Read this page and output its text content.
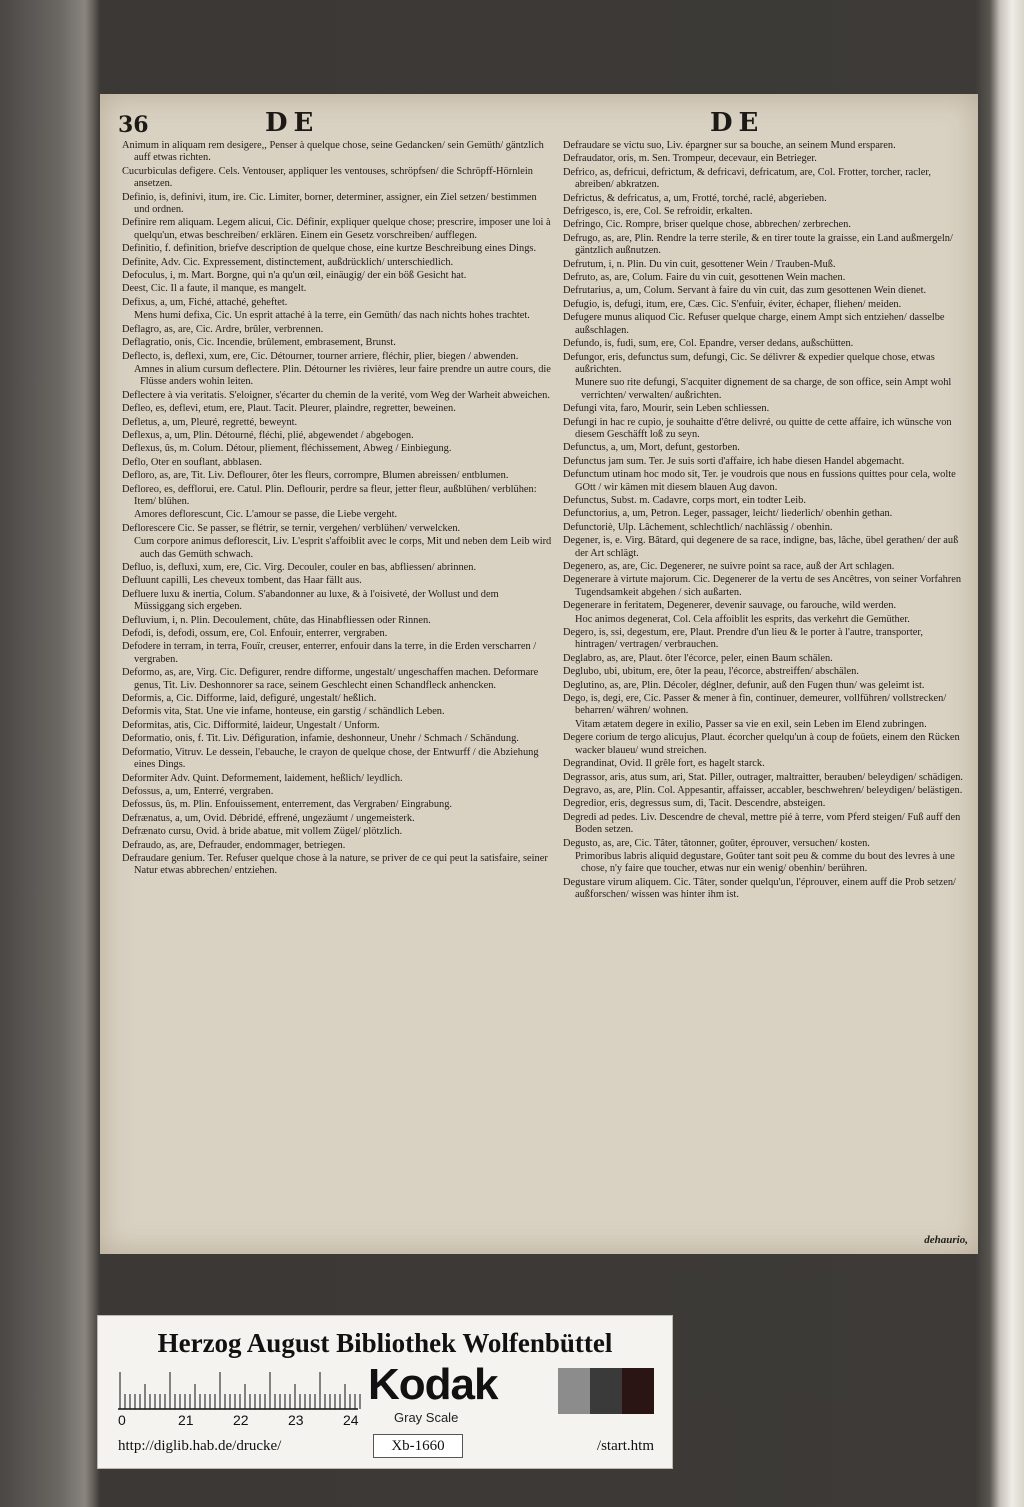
36	DE	DE
Animum in aliquam rem desigere,, Penser à quelque chose, seine Gedancken/ sein Gemüth/ gäntzlich auff etwas richten.
Cucurbiculas defigere. Cels. Ventouser, appliquer les ventouses, schröpfsen/ die Schröpff-Hörnlein ansetzen.
Definio, is, definivi, itum, ire. Cic. Limiter, borner, determiner, assigner, ein Ziel setzen/ bestimmen und ordnen.
Definire rem aliquam. Legem alicui, Cic. Définir, expliquer quelque chose; prescrire, imposer une loi à quelqu'un, etwas beschreiben/ erklären. Einem ein Gesetz vorschreiben/ aufflegen.
Definitio, f. definition, briefve description de quelque chose, eine kurtze Beschreibung eines Dings.
Definite, Adv. Cic. Expressement, distinctement, außdrücklich/ unterschiedlich.
Defoculus, i, m. Mart. Borgne, qui n'a qu'un œil, einäugig/ der ein böß Gesicht hat.
Deest, Cic. Il a faute, il manque, es mangelt.
Defixus, a, um, Fiché, attaché, geheftet.
Mens humi defixa, Cic. Un esprit attaché à la terre, ein Gemüth/ das nach nichts hohes trachtet.
Deflagro, as, are, Cic. Ardre, brûler, verbrennen.
Deflagratio, onis, Cic. Incendie, brûlement, embrasement, Brunst.
Deflecto, is, deflexi, xum, ere, Cic. Détourner, tourner arriere, fléchir, plier, biegen / abwenden.
Amnes in alium cursum deflectere. Plin. Détourner les rivières, leur faire prendre un autre cours, die Flüsse anders wohin leiten.
Deflectere à via veritatis. S'eloigner, s'écarter du chemin de la verité, vom Weg der Warheit abweichen.
Defleo, es, deflevi, etum, ere, Plaut. Tacit. Pleurer, plaindre, regretter, beweinen.
Defletus, a, um, Pleuré, regretté, beweynt.
Deflexus, a, um, Plin. Détourné, fléchi, plié, abgewendet / abgebogen.
Deflexus, ûs, m. Colum. Détour, pliement, fléchissement, Abweg / Einbiegung.
Deflo, Oter en souflant, abblasen.
Defloro, as, are, Tit. Liv. Deflourer, ôter les fleurs, corrompre, Blumen abreissen/ entblumen.
Defloreo, es, defflorui, ere. Catul. Plin. Deflourir, perdre sa fleur, jetter fleur, außblühen/ verblühen: Item/ blühen.
Amores deflorescunt, Cic. L'amour se passe, die Liebe vergeht.
Deflorescere Cic. Se passer, se flétrir, se ternir, vergehen/ verblühen/ verwelcken.
Cum corpore animus deflorescit, Liv. L'esprit s'affoiblit avec le corps, Mit und neben dem Leib wird auch das Gemüth schwach.
Defluo, is, defluxi, xum, ere, Cic. Virg. Decouler, couler en bas, abfliessen/ abrinnen.
Defluunt capilli, Les cheveux tombent, das Haar fällt aus.
Defluere luxu & inertia, Colum. S'abandonner au luxe, & à l'oisiveté, der Wollust und dem Müssiggang sich ergeben.
Defluvium, i, n. Plin. Decoulement, chûte, das Hinabfliessen oder Rinnen.
Defodi, is, defodi, ossum, ere, Col. Enfouir, enterrer, vergraben.
Defodere in terram, in terra, Fouïr, creuser, enterrer, enfouir dans la terre, in die Erden verscharren / vergraben.
Deformo, as, are, Virg. Cic. Defigurer, rendre difforme, ungestalt/ ungeschaffen machen. Deformare genus, Tit. Liv. Deshonnorer sa race, seinem Geschlecht einen Schandfleck anhencken.
Deformis, a, Cic. Difforme, laid, defiguré, ungestalt/ heßlich.
Deformis vita, Stat. Une vie infame, honteuse, ein garstig / schändlich Leben.
Deformitas, atis, Cic. Difformité, laideur, Ungestalt / Unform.
Deformatio, onis, f. Tit. Liv. Défiguration, infamie, deshonneur, Unehr / Schmach / Schändung.
Deformatio, Vitruv. Le dessein, l'ebauche, le crayon de quelque chose, der Entwurff / die Abziehung eines Dings.
Deformiter Adv. Quint. Deformement, laidement, heßlich/ leydlich.
Defossus, a, um, Enterré, vergraben.
Defossus, ûs, m. Plin. Enfouissement, enterrement, das Vergraben/ Eingrabung.
Defrænatus, a, um, Ovid. Débridé, effrené, ungezäumt / ungemeisterk.
Defrænato cursu, Ovid. à bride abatue, mit vollem Zügel/ plötzlich.
Defraudo, as, are, Defrauder, endommager, betriegen.
Defraudare genium. Ter. Refuser quelque chose à la nature, se priver de ce qui peut la satisfaire, seiner Natur etwas abbrechen/ entziehen.
Defraudare se victu suo, Liv. épargner sur sa bouche, an seinem Mund ersparen.
Defraudator, oris, m. Sen. Trompeur, decevaur, ein Betrieger.
Defrico, as, defricui, defrictum, & defricavi, defricatum, are, Col. Frotter, torcher, racler, abreiben/ abkratzen.
Defrictus, & defricatus, a, um, Frotté, torché, raclé, abgerieben.
Defrigesco, is, ere, Col. Se refroidir, erkalten.
Defringo, Cic. Rompre, briser quelque chose, abbrechen/ zerbrechen.
Defrugo, as, are, Plin. Rendre la terre sterile, & en tirer toute la graisse, ein Land außmergeln/ gäntzlich außnutzen.
Defrutum, i, n. Plin. Du vin cuit, gesottener Wein / Trauben-Muß.
Defruto, as, are, Colum. Faire du vin cuit, gesottenen Wein machen.
Defrutarius, a, um, Colum. Servant à faire du vin cuit, das zum gesottenen Wein dienet.
Defugio, is, defugi, itum, ere, Cæs. Cic. S'enfuir, éviter, échaper, fliehen/ meiden.
Defugere munus aliquod Cic. Refuser quelque charge, einem Ampt sich entziehen/ dasselbe außschlagen.
Defundo, is, fudi, sum, ere, Col. Epandre, verser dedans, außschütten.
Defungor, eris, defunctus sum, defungi, Cic. Se délivrer & expedier quelque chose, etwas außrichten.
Munere suo rite defungi, S'acquiter dignement de sa charge, de son office, sein Ampt wohl verrichten/ verwalten/ außrichten.
Defungi vita, faro, Mourir, sein Leben schliessen.
Defungi in hac re cupio, je souhaitte d'être delivré, ou quitte de cette affaire, ich wünsche von diesem Geschäfft loß zu seyn.
Defunctus, a, um, Mort, defunt, gestorben.
Defunctus jam sum. Ter. Je suis sorti d'affaire, ich habe diesen Handel abgemacht.
Defunctum utinam hoc modo sit, Ter. je voudrois que nous en fussions quittes pour cela, wolte GOtt / wir kämen mit diesem blauen Aug davon.
Defunctus, Subst. m. Cadavre, corps mort, ein todter Leib.
Defunctorius, a, um, Petron. Leger, passager, leicht/ liederlich/ obenhin gethan.
Defunctoriè, Ulp. Lâchement, schlechtlich/ nachlässig / obenhin.
Degener, is, e. Virg. Bâtard, qui degenere de sa race, indigne, bas, lâche, übel gerathen/ der auß der Art schlägt.
Degenero, as, are, Cic. Degenerer, ne suivre point sa race, auß der Art schlagen.
Degenerare à virtute majorum. Cic. Degenerer de la vertu de ses Ancêtres, von seiner Vorfahren Tugendsamkeit abgehen / sich außarten.
Degenerare in feritatem, Degenerer, devenir sauvage, ou farouche, wild werden.
Hoc animos degenerat, Col. Cela affoiblit les esprits, das verkehrt die Gemüther.
Degero, is, ssi, degestum, ere, Plaut. Prendre d'un lieu & le porter à l'autre, transporter, hintragen/ vertragen/ verbrauchen.
Deglabro, as, are, Plaut. ôter l'écorce, peler, einen Baum schälen.
Deglubo, ubi, ubitum, ere, ôter la peau, l'écorce, abstreiffen/ abschälen.
Deglutino, as, are, Plin. Décoler, déglner, defunir, auß den Fugen thun/ was geleimt ist.
Dego, is, degi, ere, Cic. Passer & mener à fin, continuer, demeurer, vollführen/ vollstrecken/ beharren/ währen/ wohnen.
Vitam ætatem degere in exilio, Passer sa vie en exil, sein Leben im Elend zubringen.
Degere corium de tergo alicujus, Plaut. écorcher quelqu'un à coup de foüets, einem den Rücken wacker blaueu/ wund streichen.
Degrandinat, Ovid. Il grêle fort, es hagelt starck.
Degrassor, aris, atus sum, ari, Stat. Piller, outrager, maltraitter, berauben/ beleydigen/ schädigen.
Degravo, as, are, Plin. Col. Appesantir, affaisser, accabler, beschwehren/ beleydigen/ belästigen.
Degredior, eris, degressus sum, di, Tacit. Descendre, absteigen.
Degredi ad pedes. Liv. Descendre de cheval, mettre pié à terre, vom Pferd steigen/ Fuß auff den Boden setzen.
Degusto, as, are, Cic. Tâter, tâtonner, goûter, éprouver, versuchen/ kosten.
Primoribus labris aliquid degustare, Goûter tant soit peu & comme du bout des levres à une chose, n'y faire que toucher, etwas nur ein wenig/ obenhin/ berühren.
Degustare virum aliquem. Cic. Tâter, sonder quelqu'un, l'éprouver, einem auff die Prob setzen/ außforschen/ wissen was hinter ihm ist.
dehaurio,
Herzog August Bibliothek Wolfenbüttel
0	21	22	23	24
Kodak
Gray Scale
http://diglib.hab.de/drucke/	Xb-1660	/start.htm
